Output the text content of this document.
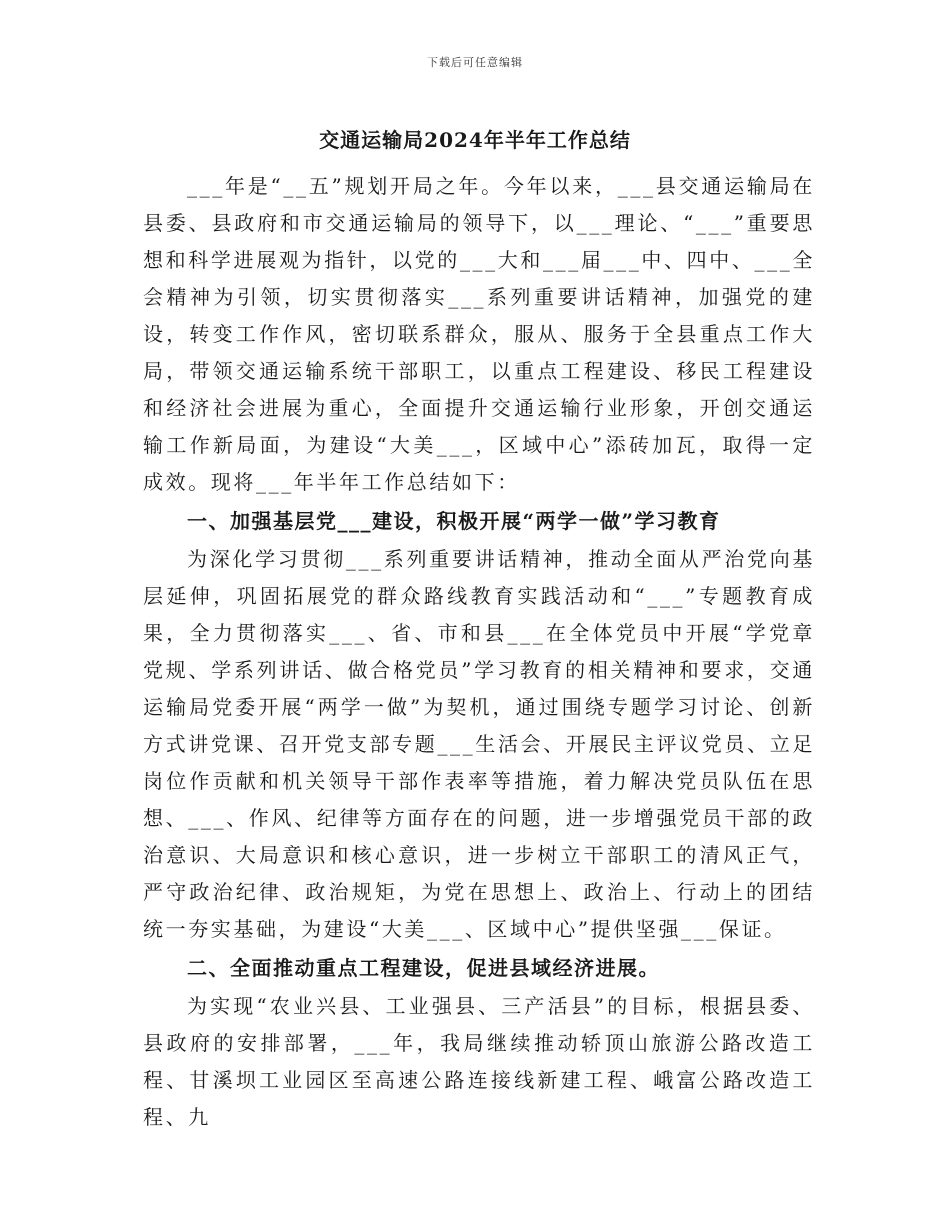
下载后可任意编辑
交通运输局2024年半年工作总结

___年是“__五”规划开局之年。今年以来，___县交通运输局在县委、县政府和市交通运输局的领导下，以___理论、“___”重要思想和科学进展观为指针，以党的___大和___届___中、四中、___全会精神为引领，切实贯彻落实___系列重要讲话精神，加强党的建设，转变工作作风，密切联系群众，服从、服务于全县重点工作大局，带领交通运输系统干部职工，以重点工程建设、移民工程建设和经济社会进展为重心，全面提升交通运输行业形象，开创交通运输工作新局面，为建设“大美___，区域中心”添砖加瓦，取得一定成效。现将___年半年工作总结如下：

一、加强基层党___建设，积极开展“两学一做”学习教育

为深化学习贯彻___系列重要讲话精神，推动全面从严治党向基层延伸，巩固拓展党的群众路线教育实践活动和“___”专题教育成果，全力贯彻落实___、省、市和县___在全体党员中开展“学党章党规、学系列讲话、做合格党员”学习教育的相关精神和要求，交通运输局党委开展“两学一做”为契机，通过围绕专题学习讨论、创新方式讲党课、召开党支部专题___生活会、开展民主评议党员、立足岗位作贡献和机关领导干部作表率等措施，着力解决党员队伍在思想、___、作风、纪律等方面存在的问题，进一步增强党员干部的政治意识、大局意识和核心意识，进一步树立干部职工的清风正气，严守政治纪律、政治规矩，为党在思想上、政治上、行动上的团结统一夯实基础，为建设“大美___、区域中心”提供坚强___保证。

二、全面推动重点工程建设，促进县域经济进展。

为实现“农业兴县、工业强县、三产活县”的目标，根据县委、县政府的安排部署，___年，我局继续推动轿顶山旅游公路改造工程、甘溪坝工业园区至高速公路连接线新建工程、峨富公路改造工程、九
